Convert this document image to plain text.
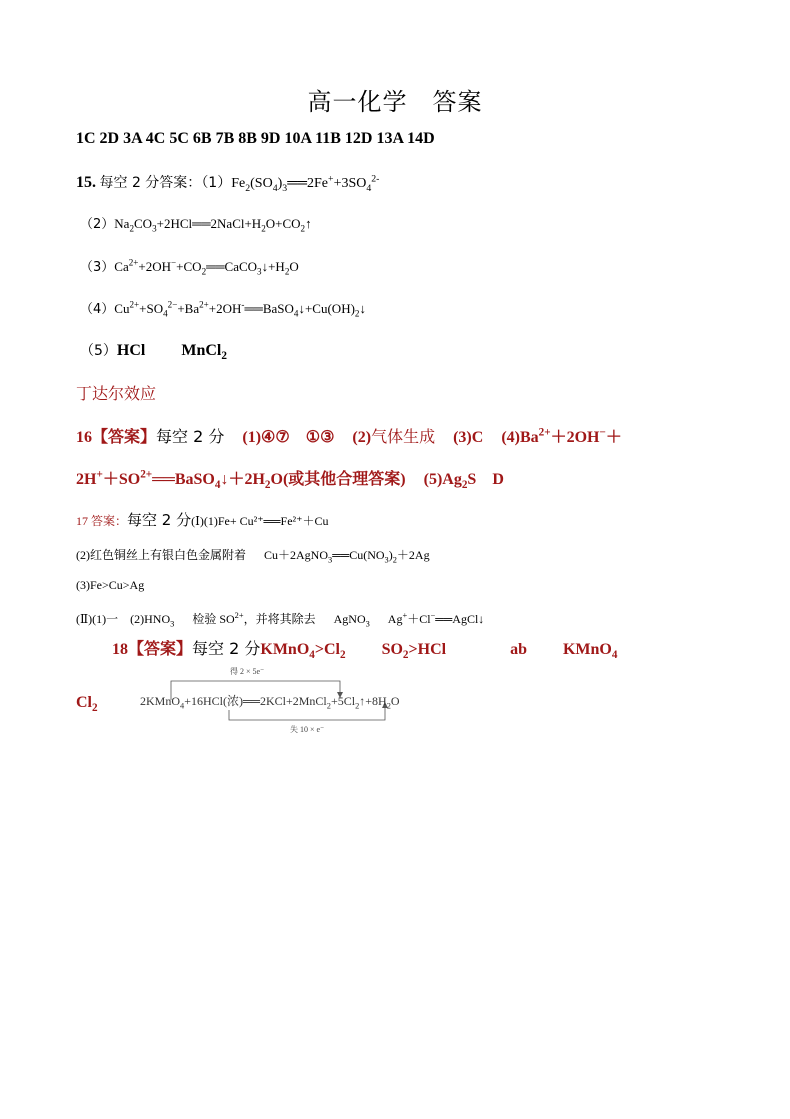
高一化学　答案
1C 2D 3A 4C 5C 6B 7B 8B 9D 10A 11B 12D 13A 14D
15. 每空 2 分答案：$(1)Fe_2(SO_4)_3══2Fe^++3SO_4^{2-}$
$(2)Na_2CO_3+2HCl══2NaCl+H_2O+CO_2↑$
$(3)Ca^{2+}+2OH^-+CO_2══CaCO_3↓+H_2O$
$(4)Cu^{2+}+SO_4^{2-}+Ba^{2+}+2OH^-══BaSO_4↓+Cu(OH)_2↓$
（5）HCl MnCl$_2$
丁达尔效应
16【答案】每空 2 分 (1)④⑦　①③ (2)气体生成 (3)C $(4)Ba^{2+}+2OH^-+$
$2H^++SO^{2+}══BaSO_4↓+2H_2O$(或其他合理答案) $(5)Ag_2S$　D
17 答案：每空 2 分(Ⅰ)(1)Fe+ Cu²⁺══Fe²⁺＋Cu
(2)红色铜丝上有银白色金属附着 $Cu+2AgNO_3══Cu(NO_3)_2+2Ag$
(3)Fe>Cu>Ag
(Ⅱ)(1)一　$(2)HNO_3$ 检验 $SO^{2+}$，并将其除去 AgNO$_3$ Ag+＋Cl−══AgCl↓
18【答案】每空 2 分$KMnO_4>Cl_2$ $SO_2>HCl$	ab KMnO$_4$
$Cl_2$
得 2 × 5e⁻
2KMnO$_4$+16HCl(浓)$══2KCl+2MnCl_2+5Cl_2↑+8H_2O$
失 10 × e⁻
